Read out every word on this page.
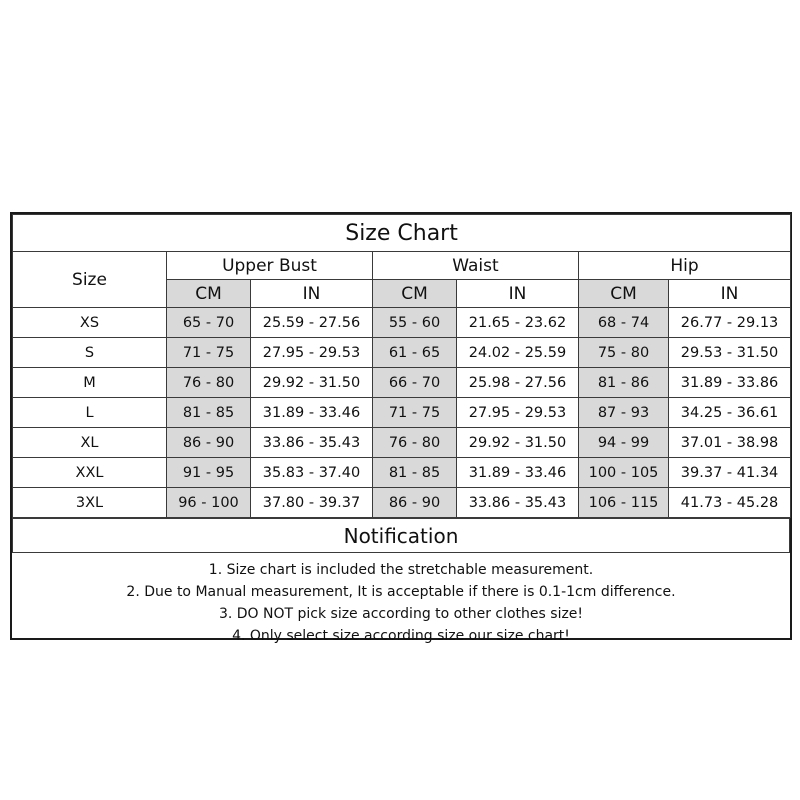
Size Chart						
Size	Upper Bust		Waist		Hip	
	CM	IN	CM	IN	CM	IN
XS	65 - 70	25.59 - 27.56	55 - 60	21.65 - 23.62	68 - 74	26.77 - 29.13
S	71 - 75	27.95 - 29.53	61 - 65	24.02 - 25.59	75 - 80	29.53 - 31.50
M	76 - 80	29.92 - 31.50	66 - 70	25.98 - 27.56	81 - 86	31.89 - 33.86
L	81 - 85	31.89 - 33.46	71 - 75	27.95 - 29.53	87 - 93	34.25 - 36.61
XL	86 - 90	33.86 - 35.43	76 - 80	29.92 - 31.50	94 - 99	37.01 - 38.98
XXL	91 - 95	35.83 - 37.40	81 - 85	31.89 - 33.46	100 - 105	39.37 - 41.34
3XL	96 - 100	37.80 - 39.37	86 - 90	33.86 - 35.43	106 - 115	41.73 - 45.28
Notification
1. Size chart is included the stretchable measurement.
2. Due to Manual measurement, It is acceptable if there is 0.1-1cm difference.
3. DO NOT pick size according to other clothes size!
4. Only select size according size our size chart!
